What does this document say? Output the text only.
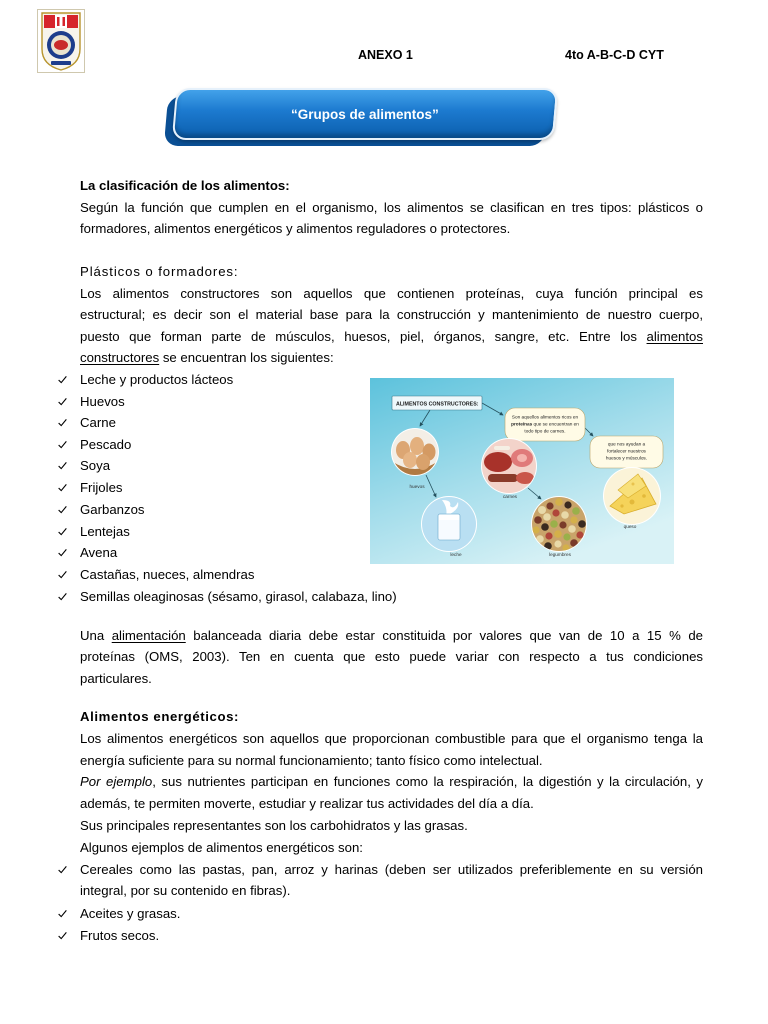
ANEXO 1	4to A-B-C-D CYT
“Grupos de alimentos”
La clasificación de los alimentos:
Según la función que cumplen en el organismo, los alimentos se clasifican en tres tipos: plásticos o
formadores, alimentos energéticos y alimentos reguladores o protectores.
Plásticos o formadores:
Los alimentos constructores son aquellos que contienen proteínas, cuya función principal es
estructural; es decir son el material base para la construcción y mantenimiento de nuestro cuerpo,
puesto que forman parte de músculos, huesos, piel, órganos, sangre, etc. Entre los alimentos
constructores se encuentran los siguientes:
Leche y productos lácteos
Huevos
Carne
Pescado
Soya
Frijoles
Garbanzos
Lentejas
Avena
Castañas, nueces, almendras
Semillas oleaginosas (sésamo, girasol, calabaza, lino)
ALIMENTOS CONSTRUCTORES:
Son aquellos alimentos ricos en
proteínas que se encuentran en
todo tipo de carnes.
que nos ayudan a
fortalecer nuestros
huesos y músculos.
huevos
carnes
queso
leche	legumbres
Una alimentación balanceada diaria debe estar constituida por valores que van de 10 a 15 % de
proteínas (OMS, 2003). Ten en cuenta que esto puede variar con respecto a tus condiciones
particulares.
Alimentos energéticos:
Los alimentos energéticos son aquellos que proporcionan combustible para que el organismo tenga la
energía suficiente para su normal funcionamiento; tanto físico como intelectual.
Por ejemplo, sus nutrientes participan en funciones como la respiración, la digestión y la circulación, y
además, te permiten moverte, estudiar y realizar tus actividades del día a día.
Sus principales representantes son los carbohidratos y las grasas.
Algunos ejemplos de alimentos energéticos son:
Cereales como las pastas, pan, arroz y harinas (deben ser utilizados preferiblemente en su versión
integral, por su contenido en fibras).
Aceites y grasas.
Frutos secos.
